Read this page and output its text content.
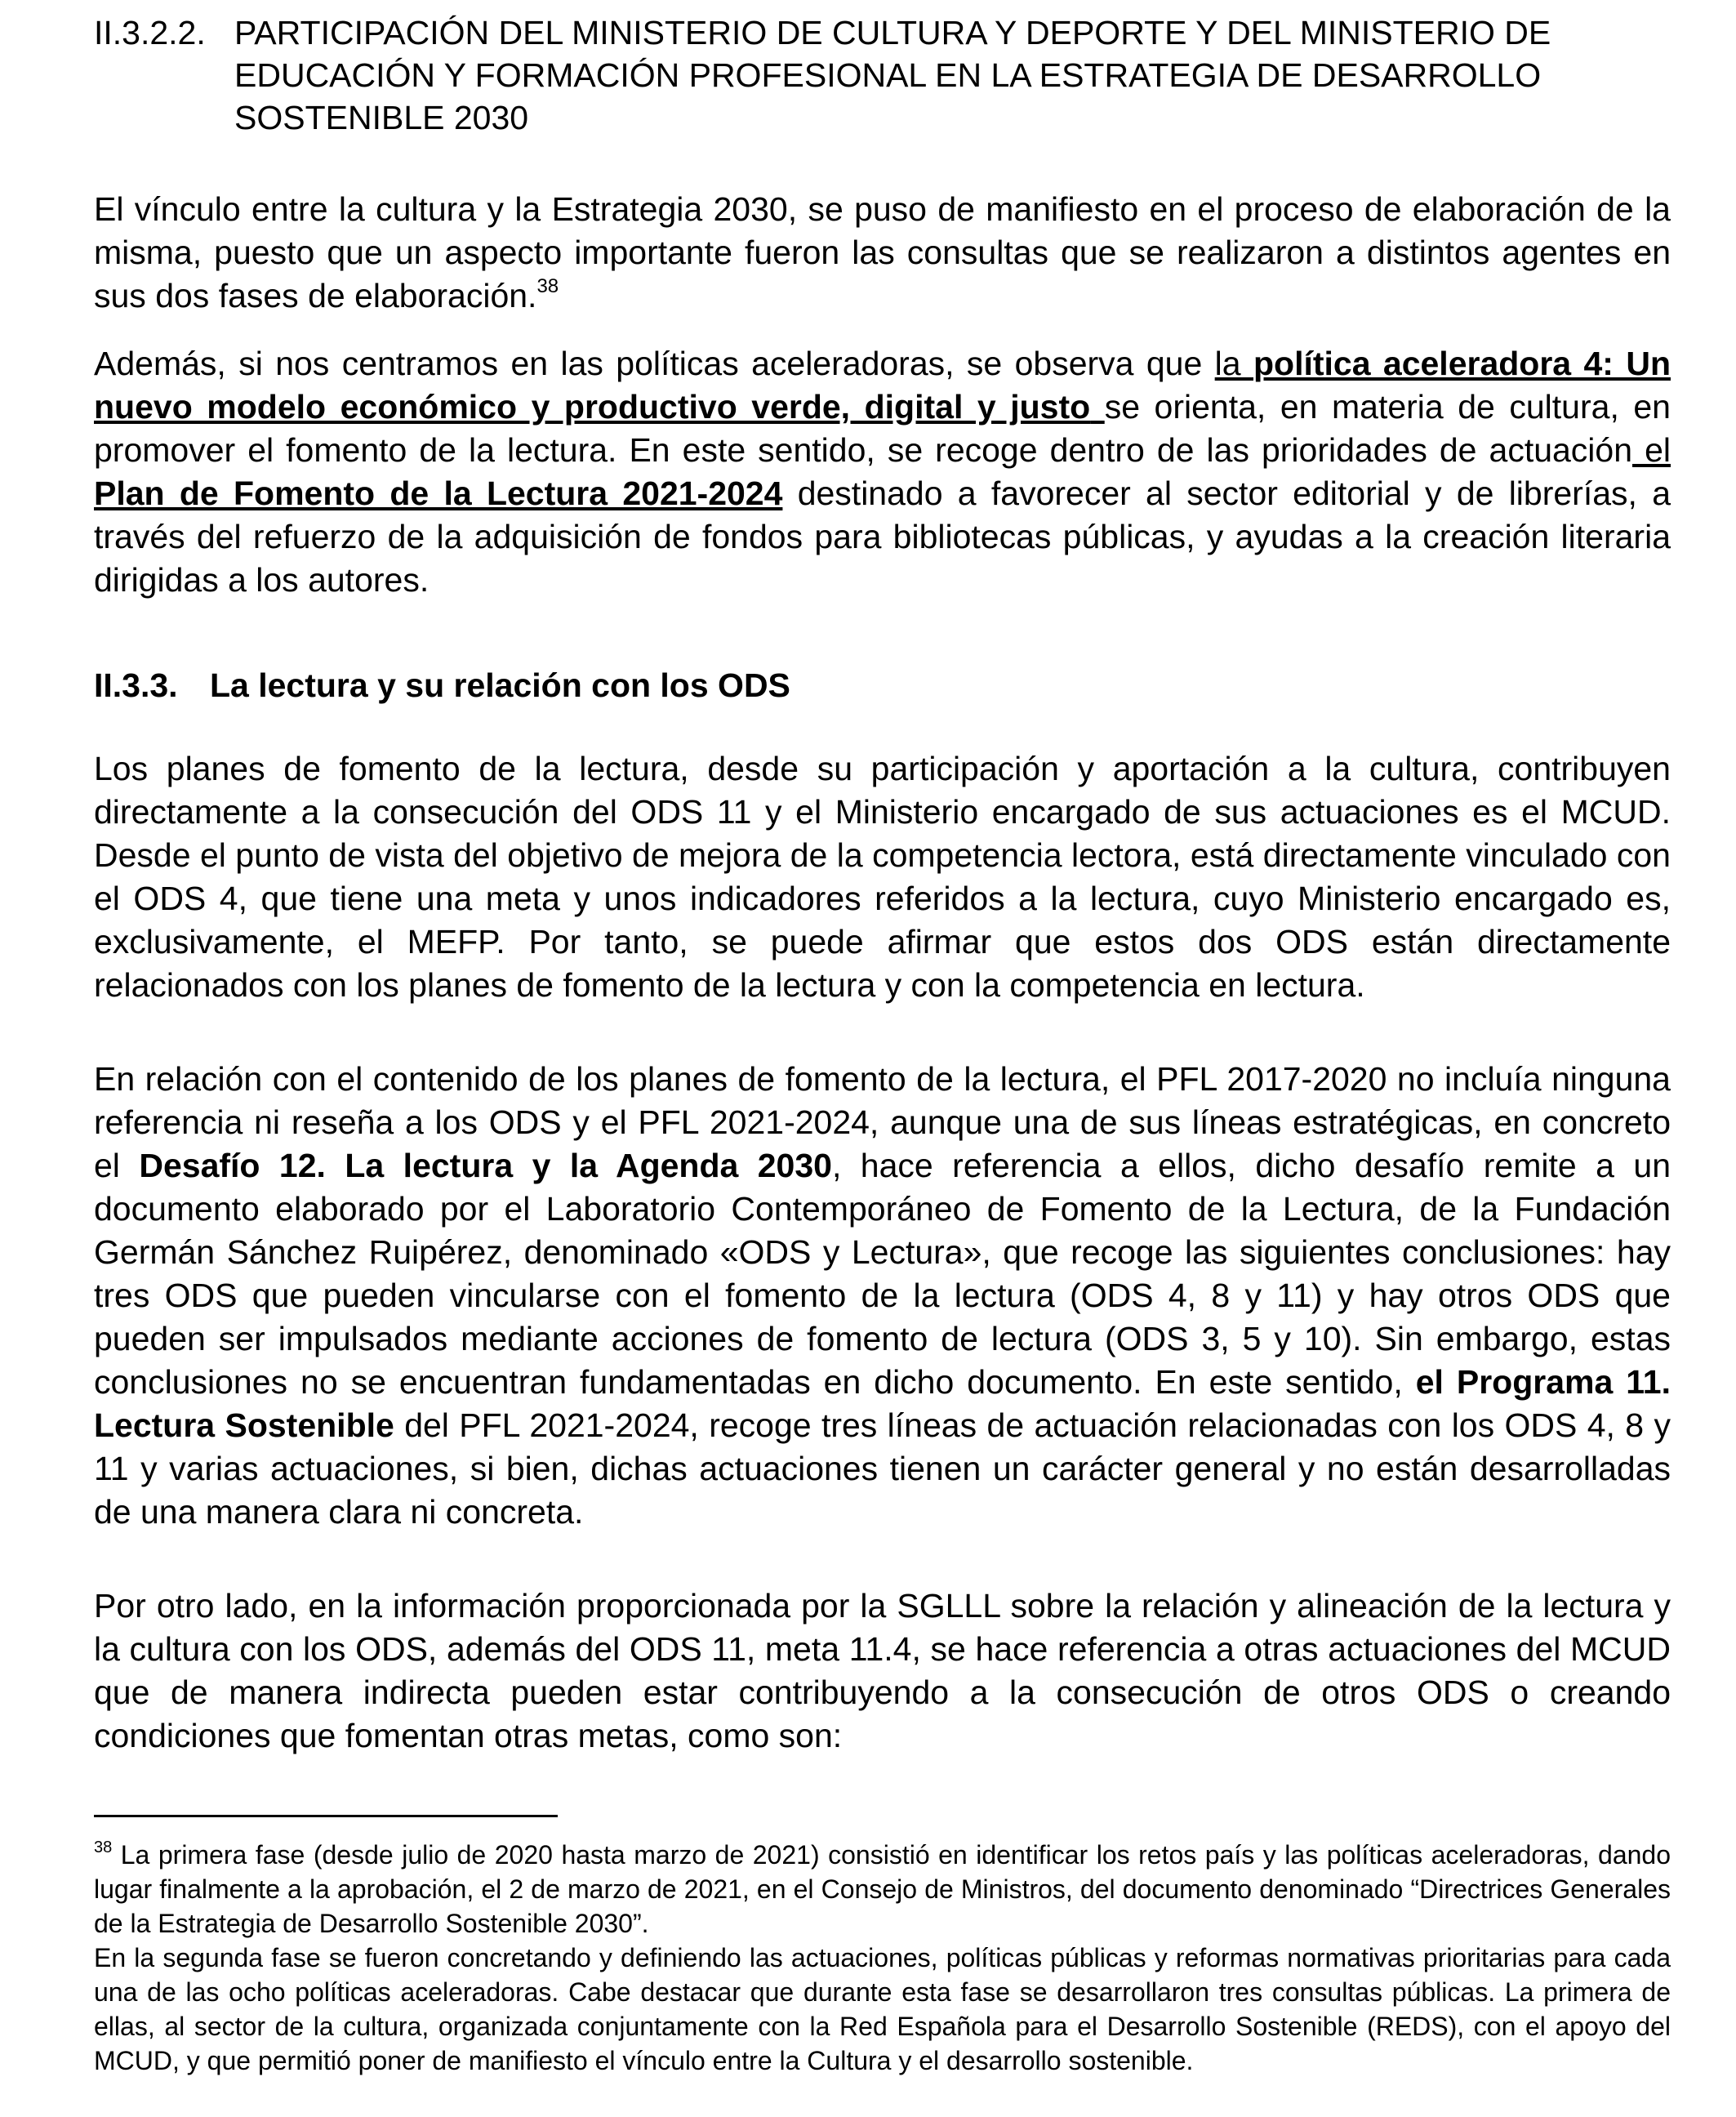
II.3.2.2. PARTICIPACIÓN DEL MINISTERIO DE CULTURA Y DEPORTE Y DEL MINISTERIO DE EDUCACIÓN Y FORMACIÓN PROFESIONAL EN LA ESTRATEGIA DE DESARROLLO SOSTENIBLE 2030

El vínculo entre la cultura y la Estrategia 2030, se puso de manifiesto en el proceso de elaboración de la misma, puesto que un aspecto importante fueron las consultas que se realizaron a distintos agentes en sus dos fases de elaboración.$^{38}$

Además, si nos centramos en las políticas aceleradoras, se observa que la política aceleradora 4: Un nuevo modelo económico y productivo verde, digital y justo se orienta, en materia de cultura, en promover el fomento de la lectura. En este sentido, se recoge dentro de las prioridades de actuación el Plan de Fomento de la Lectura 2021-2024 destinado a favorecer al sector editorial y de librerías, a través del refuerzo de la adquisición de fondos para bibliotecas públicas, y ayudas a la creación literaria dirigidas a los autores.

II.3.3. La lectura y su relación con los ODS

Los planes de fomento de la lectura, desde su participación y aportación a la cultura, contribuyen directamente a la consecución del ODS 11 y el Ministerio encargado de sus actuaciones es el MCUD. Desde el punto de vista del objetivo de mejora de la competencia lectora, está directamente vinculado con el ODS 4, que tiene una meta y unos indicadores referidos a la lectura, cuyo Ministerio encargado es, exclusivamente, el MEFP. Por tanto, se puede afirmar que estos dos ODS están directamente relacionados con los planes de fomento de la lectura y con la competencia en lectura.

En relación con el contenido de los planes de fomento de la lectura, el PFL 2017-2020 no incluía ninguna referencia ni reseña a los ODS y el PFL 2021-2024, aunque una de sus líneas estratégicas, en concreto el Desafío 12. La lectura y la Agenda 2030, hace referencia a ellos, dicho desafío remite a un documento elaborado por el Laboratorio Contemporáneo de Fomento de la Lectura, de la Fundación Germán Sánchez Ruipérez, denominado «ODS y Lectura», que recoge las siguientes conclusiones: hay tres ODS que pueden vincularse con el fomento de la lectura (ODS 4, 8 y 11) y hay otros ODS que pueden ser impulsados mediante acciones de fomento de lectura (ODS 3, 5 y 10). Sin embargo, estas conclusiones no se encuentran fundamentadas en dicho documento. En este sentido, el Programa 11. Lectura Sostenible del PFL 2021-2024, recoge tres líneas de actuación relacionadas con los ODS 4, 8 y 11 y varias actuaciones, si bien, dichas actuaciones tienen un carácter general y no están desarrolladas de una manera clara ni concreta.

Por otro lado, en la información proporcionada por la SGLLL sobre la relación y alineación de la lectura y la cultura con los ODS, además del ODS 11, meta 11.4, se hace referencia a otras actuaciones del MCUD que de manera indirecta pueden estar contribuyendo a la consecución de otros ODS o creando condiciones que fomentan otras metas, como son:

$^{38}$ La primera fase (desde julio de 2020 hasta marzo de 2021) consistió en identificar los retos país y las políticas aceleradoras, dando lugar finalmente a la aprobación, el 2 de marzo de 2021, en el Consejo de Ministros, del documento denominado “Directrices Generales de la Estrategia de Desarrollo Sostenible 2030”.

En la segunda fase se fueron concretando y definiendo las actuaciones, políticas públicas y reformas normativas prioritarias para cada una de las ocho políticas aceleradoras. Cabe destacar que durante esta fase se desarrollaron tres consultas públicas. La primera de ellas, al sector de la cultura, organizada conjuntamente con la Red Española para el Desarrollo Sostenible (REDS), con el apoyo del MCUD, y que permitió poner de manifiesto el vínculo entre la Cultura y el desarrollo sostenible.
